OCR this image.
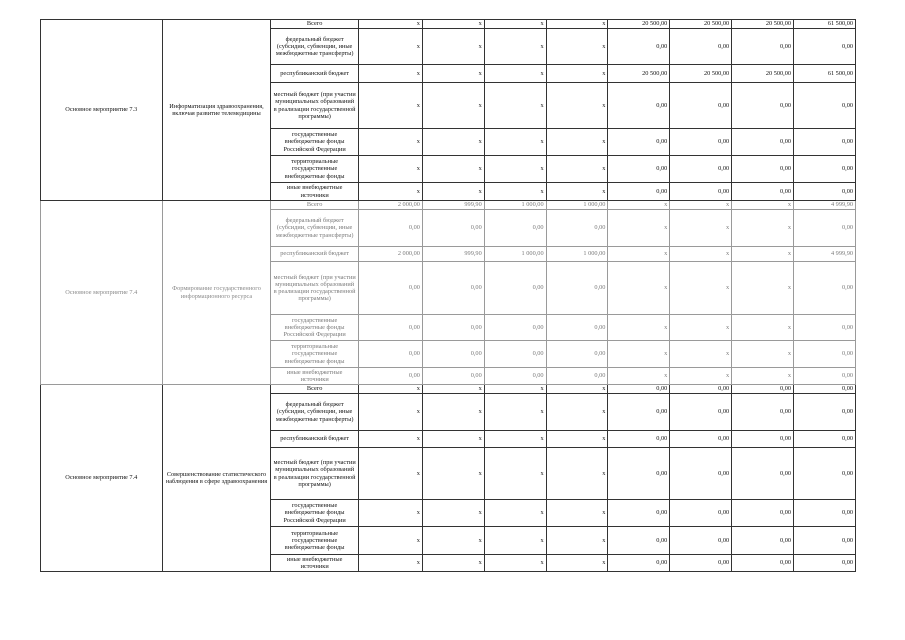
Основное мероприятие 7.3	Информатизация здравоохранения, включая развитие телемедицины	Всего	x	x	x	x	20 500,00	20 500,00	20 500,00	61 500,00
		федеральный бюджет (субсидии, субвенции, иные межбюджетные трансферты)	x	x	x	x	0,00	0,00	0,00	0,00
		республиканский бюджет	x	x	x	x	20 500,00	20 500,00	20 500,00	61 500,00
		местный бюджет (при участии муниципальных образований в реализации государственной программы)	x	x	x	x	0,00	0,00	0,00	0,00
		государственные внебюджетные фонды Российской Федерации	x	x	x	x	0,00	0,00	0,00	0,00
		территориальные государственные внебюджетные фонды	x	x	x	x	0,00	0,00	0,00	0,00
		иные внебюджетные источники	x	x	x	x	0,00	0,00	0,00	0,00
Основное мероприятие 7.4	Формирование государственного информационного ресурса	Всего	2 000,00	999,90	1 000,00	1 000,00	x	x	x	4 999,90
		федеральный бюджет (субсидии, субвенции, иные межбюджетные трансферты)	0,00	0,00	0,00	0,00	x	x	x	0,00
		республиканский бюджет	2 000,00	999,90	1 000,00	1 000,00	x	x	x	4 999,90
		местный бюджет (при участии муниципальных образований в реализации государственной программы)	0,00	0,00	0,00	0,00	x	x	x	0,00
		государственные внебюджетные фонды Российской Федерации	0,00	0,00	0,00	0,00	x	x	x	0,00
		территориальные государственные внебюджетные фонды	0,00	0,00	0,00	0,00	x	x	x	0,00
		иные внебюджетные источники	0,00	0,00	0,00	0,00	x	x	x	0,00
Основное мероприятие 7.4	Совершенствование статистического наблюдения в сфере здравоохранения	Всего	x	x	x	x	0,00	0,00	0,00	0,00
		федеральный бюджет (субсидии, субвенции, иные межбюджетные трансферты)	x	x	x	x	0,00	0,00	0,00	0,00
		республиканский бюджет	x	x	x	x	0,00	0,00	0,00	0,00
		местный бюджет (при участии муниципальных образований в реализации государственной программы)	x	x	x	x	0,00	0,00	0,00	0,00
		государственные внебюджетные фонды Российской Федерации	x	x	x	x	0,00	0,00	0,00	0,00
		территориальные государственные внебюджетные фонды	x	x	x	x	0,00	0,00	0,00	0,00
		иные внебюджетные источники	x	x	x	x	0,00	0,00	0,00	0,00
